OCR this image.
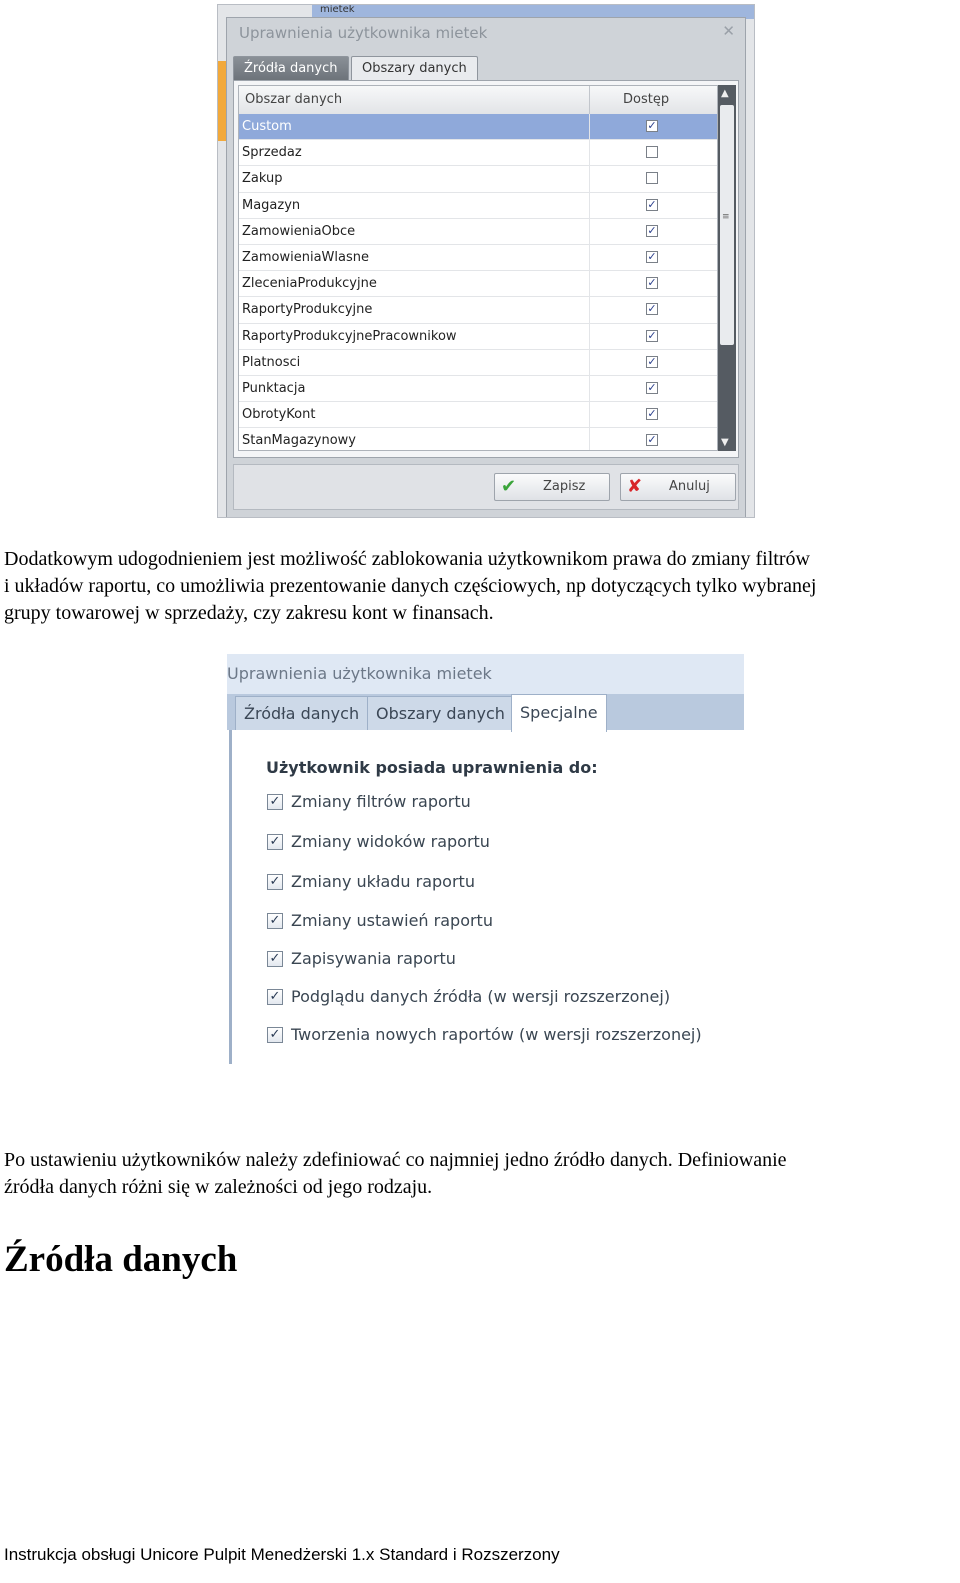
mietek
Uprawnienia użytkownika mietek	✕
Źródła danych	Obszary danych
Obszar danych	Dostęp
Custom	✓
Sprzedaz
Zakup
Magazyn	✓
ZamowieniaObce	✓
ZamowieniaWlasne	✓
ZleceniaProdukcyjne	✓
RaportyProdukcyjne	✓
RaportyProdukcyjnePracownikow	✓
Platnosci	✓
Punktacja	✓
ObrotyKont	✓
StanMagazynowy	✓
▲
≡
▼
✔ Zapisz ✘ Anuluj
Dodatkowym udogodnieniem jest możliwość zablokowania użytkownikom prawa do zmiany filtrów
i układów raportu, co umożliwia prezentowanie danych częściowych, np dotyczących tylko wybranej
grupy towarowej w sprzedaży, czy zakresu kont w finansach.
Uprawnienia użytkownika mietek
Źródła danych	Obszary danych Specjalne
Użytkownik posiada uprawnienia do:
✓ Zmiany filtrów raportu
✓ Zmiany widoków raportu
✓ Zmiany układu raportu
✓ Zmiany ustawień raportu
✓ Zapisywania raportu
✓ Podglądu danych źródła (w wersji rozszerzonej)
✓ Tworzenia nowych raportów (w wersji rozszerzonej)
Po ustawieniu użytkowników należy zdefiniować co najmniej jedno źródło danych. Definiowanie
źródła danych różni się w zależności od jego rodzaju.
Źródła danych
Instrukcja obsługi Unicore Pulpit Menedżerski 1.x Standard i Rozszerzony
